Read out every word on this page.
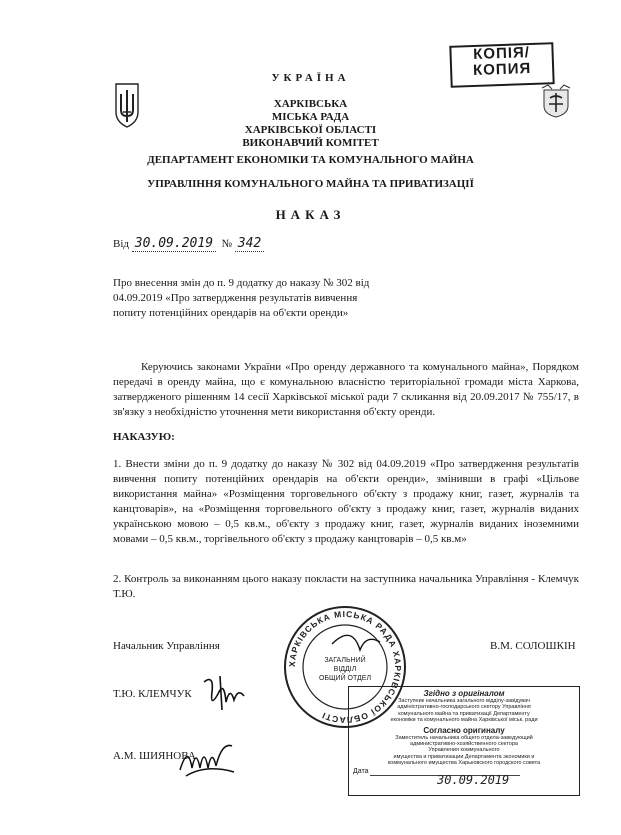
КОПІЯ/
КОПИЯ
УКРАЇНА
ХАРКІВСЬКА
МІСЬКА РАДА
ХАРКІВСЬКОЇ ОБЛАСТІ
ВИКОНАВЧИЙ КОМІТЕТ
ДЕПАРТАМЕНТ ЕКОНОМІКИ ТА КОМУНАЛЬНОГО МАЙНА
УПРАВЛІННЯ КОМУНАЛЬНОГО МАЙНА ТА ПРИВАТИЗАЦІЇ
НАКАЗ
Від 30.09.2019 № 342
Про внесення змін до п. 9 додатку до наказу № 302 від 04.09.2019 «Про затвердження результатів вивчення попиту потенційних орендарів на об'єкти оренди»
Керуючись законами України «Про оренду державного та комунального майна», Порядком передачі в оренду майна, що є комунальною власністю територіальної громади міста Харкова, затвердженого рішенням 14 сесії Харківської міської ради 7 скликання від 20.09.2017 № 755/17, в зв'язку з необхідністю уточнення мети використання об'єкту оренди.
НАКАЗУЮ:
1. Внести зміни до п. 9 додатку до наказу № 302 від 04.09.2019 «Про затвердження результатів вивчення попиту потенційних орендарів на об'єкти оренди», змінивши в графі «Цільове використання майна» «Розміщення торговельного об'єкту з продажу книг, газет, журналів та канцтоварів», на «Розміщення торговельного об'єкту з продажу книг, газет, журналів виданих українською мовою – 0,5 кв.м., об'єкту з продажу книг, газет, журналів виданих іноземними мовами – 0,5 кв.м., торгівельного об'єкту з продажу канцтоварів – 0,5 кв.м»
2. Контроль за виконанням цього наказу покласти на заступника начальника Управління - Клемчук Т.Ю.
Начальник Управління	В.М. СОЛОШКІН
Т.Ю. КЛЕМЧУК
А.М. ШИЯНОВА
ХАРКІВСЬКА МІСЬКА РАДА ХАРКІВСЬКОЇ ОБЛАСТІ
ЗАГАЛЬНИЙ
ВІДДІЛ
ОБЩИЙ ОТДЕЛ
Згідно з оригіналом
Заступник начальника загального відділу-завідувач
адміністративно-господарського сектору Управління
комунального майна та приватизації Департаменту
економіки та комунального майна Харківської міськ. ради
Согласно оригиналу
Заместитель начальника общего отдела-заведующий
административно-хозяйственного сектора
Управления коммунального
имущества и приватизации Департамента экономики и
коммунального имущества Харьковского городского совета
Дата
30.09.2019
